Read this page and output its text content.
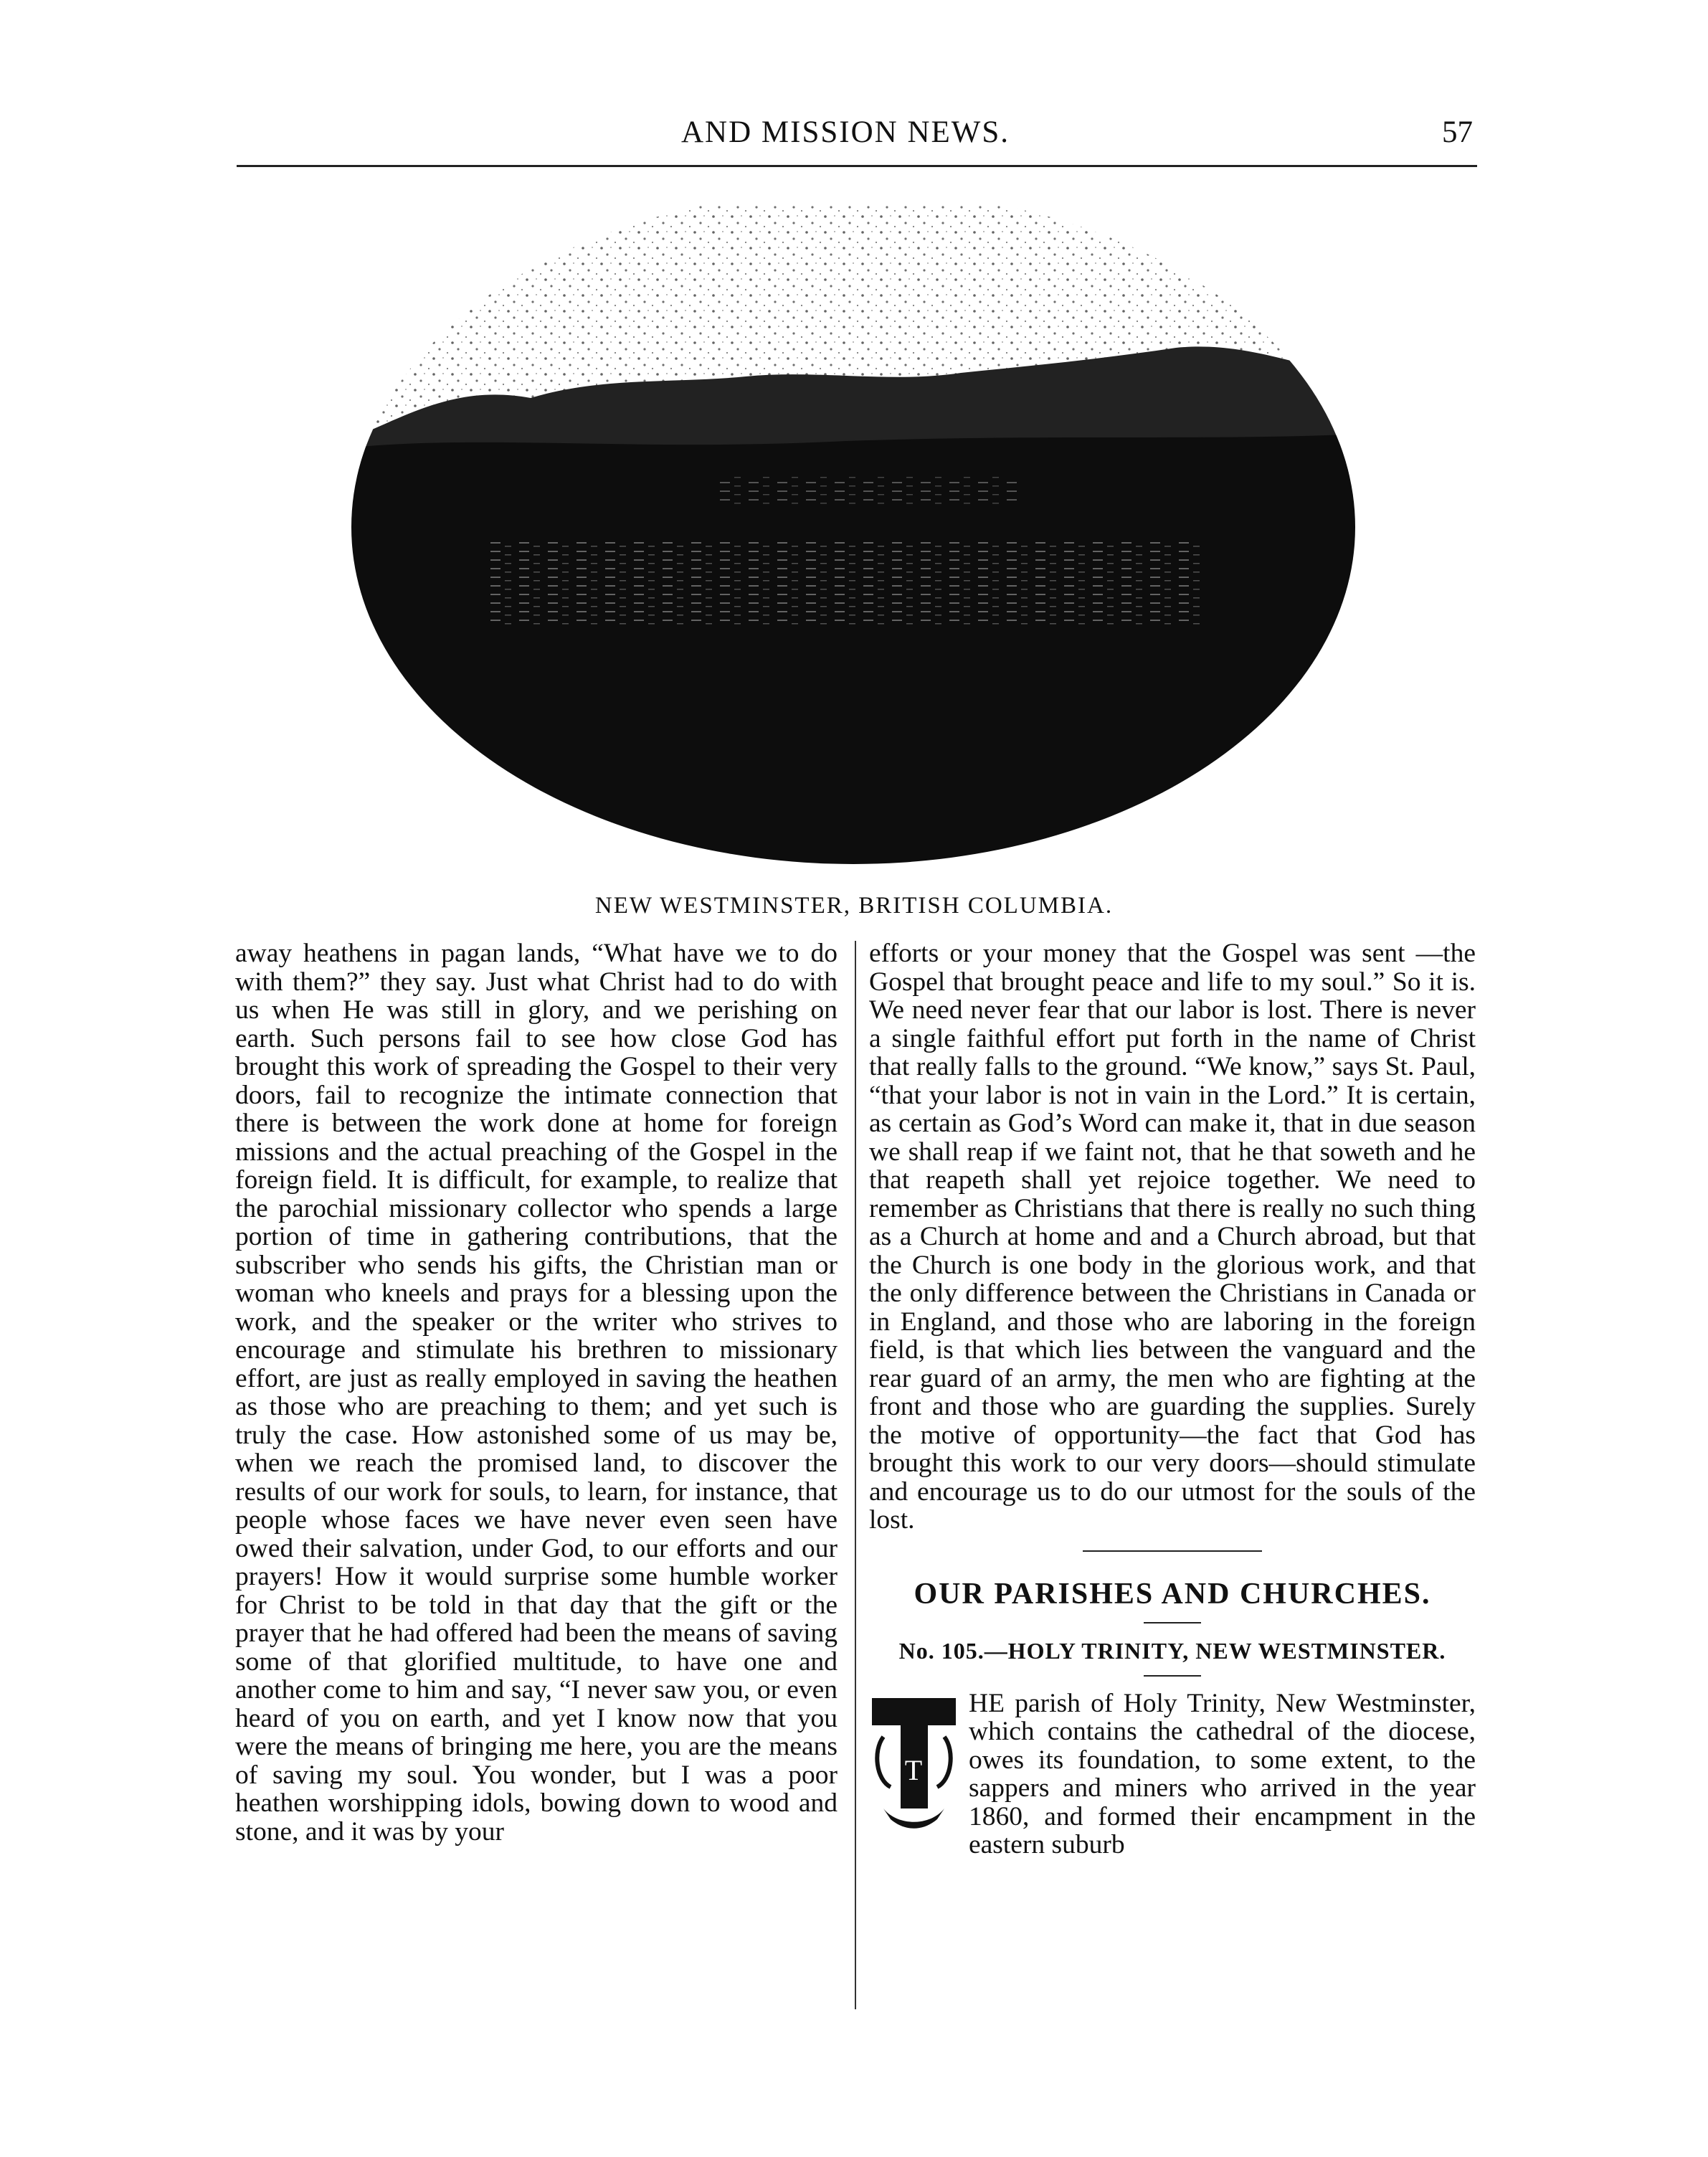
AND MISSION NEWS.	57
NEW WESTMINSTER, BRITISH COLUMBIA.
away heathens in pagan lands, “What have we to do with them?” they say. Just what Christ had to do with us when He was still in glory, and we perishing on earth. Such persons fail to see how close God has brought this work of spreading the Gospel to their very doors, fail to recognize the intimate connection that there is between the work done at home for foreign missions and the actual preaching of the Gospel in the foreign field. It is difficult, for example, to realize that the parochial missionary collector who spends a large portion of time in gathering contributions, that the subscriber who sends his gifts, the Christian man or woman who kneels and prays for a blessing upon the work, and the speaker or the writer who strives to encourage and stimulate his brethren to missionary effort, are just as really employed in saving the heathen as those who are preaching to them; and yet such is truly the case. How astonished some of us may be, when we reach the promised land, to discover the results of our work for souls, to learn, for instance, that people whose faces we have never even seen have owed their salvation, under God, to our efforts and our prayers! How it would surprise some humble worker for Christ to be told in that day that the gift or the prayer that he had offered had been the means of saving some of that glorified multitude, to have one and another come to him and say, “I never saw you, or even heard of you on earth, and yet I know now that you were the means of bringing me here, you are the means of saving my soul. You wonder, but I was a poor heathen worshipping idols, bowing down to wood and stone, and it was by your
efforts or your money that the Gospel was sent —the Gospel that brought peace and life to my soul.” So it is. We need never fear that our labor is lost. There is never a single faithful effort put forth in the name of Christ that really falls to the ground. “We know,” says St. Paul, “that your labor is not in vain in the Lord.” It is certain, as certain as God’s Word can make it, that in due season we shall reap if we faint not, that he that soweth and he that reapeth shall yet rejoice together. We need to remember as Christians that there is really no such thing as a Church at home and and a Church abroad, but that the Church is one body in the glorious work, and that the only difference between the Christians in Canada or in England, and those who are laboring in the foreign field, is that which lies between the vanguard and the rear guard of an army, the men who are fighting at the front and those who are guarding the supplies. Surely the motive of opportunity—the fact that God has brought this work to our very doors—should stimulate and encourage us to do our utmost for the souls of the lost.
OUR PARISHES AND CHURCHES.
No. 105.—HOLY TRINITY, NEW WESTMINSTER.
T
HE parish of Holy Trinity, New Westminster, which contains the cathedral of the diocese, owes its foundation, to some extent, to the sappers and miners who arrived in the year 1860, and formed their encampment in the eastern suburb
